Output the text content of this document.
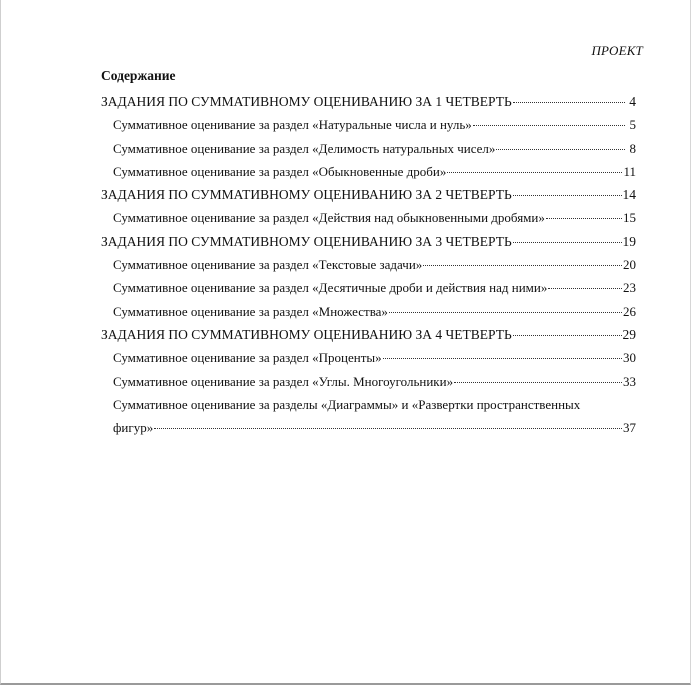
ПРОЕКТ
Содержание
ЗАДАНИЯ ПО СУММАТИВНОМУ ОЦЕНИВАНИЮ ЗА 1 ЧЕТВЕРТЬ	4
Суммативное оценивание за раздел «Натуральные числа и нуль»	5
Суммативное оценивание за раздел «Делимость натуральных чисел»	8
Суммативное оценивание за раздел «Обыкновенные дроби»	11
ЗАДАНИЯ ПО СУММАТИВНОМУ ОЦЕНИВАНИЮ ЗА 2 ЧЕТВЕРТЬ	14
Суммативное оценивание за раздел «Действия над обыкновенными дробями»	15
ЗАДАНИЯ ПО СУММАТИВНОМУ ОЦЕНИВАНИЮ ЗА 3 ЧЕТВЕРТЬ	19
Суммативное оценивание за раздел «Текстовые задачи»	20
Суммативное оценивание за раздел «Десятичные дроби и действия над ними»	23
Суммативное оценивание за раздел «Множества»	26
ЗАДАНИЯ ПО СУММАТИВНОМУ ОЦЕНИВАНИЮ ЗА 4 ЧЕТВЕРТЬ	29
Суммативное оценивание за раздел «Проценты»	30
Суммативное оценивание за раздел «Углы. Многоугольники»	33
Суммативное оценивание за разделы «Диаграммы» и «Развертки пространственных
фигур»	37
